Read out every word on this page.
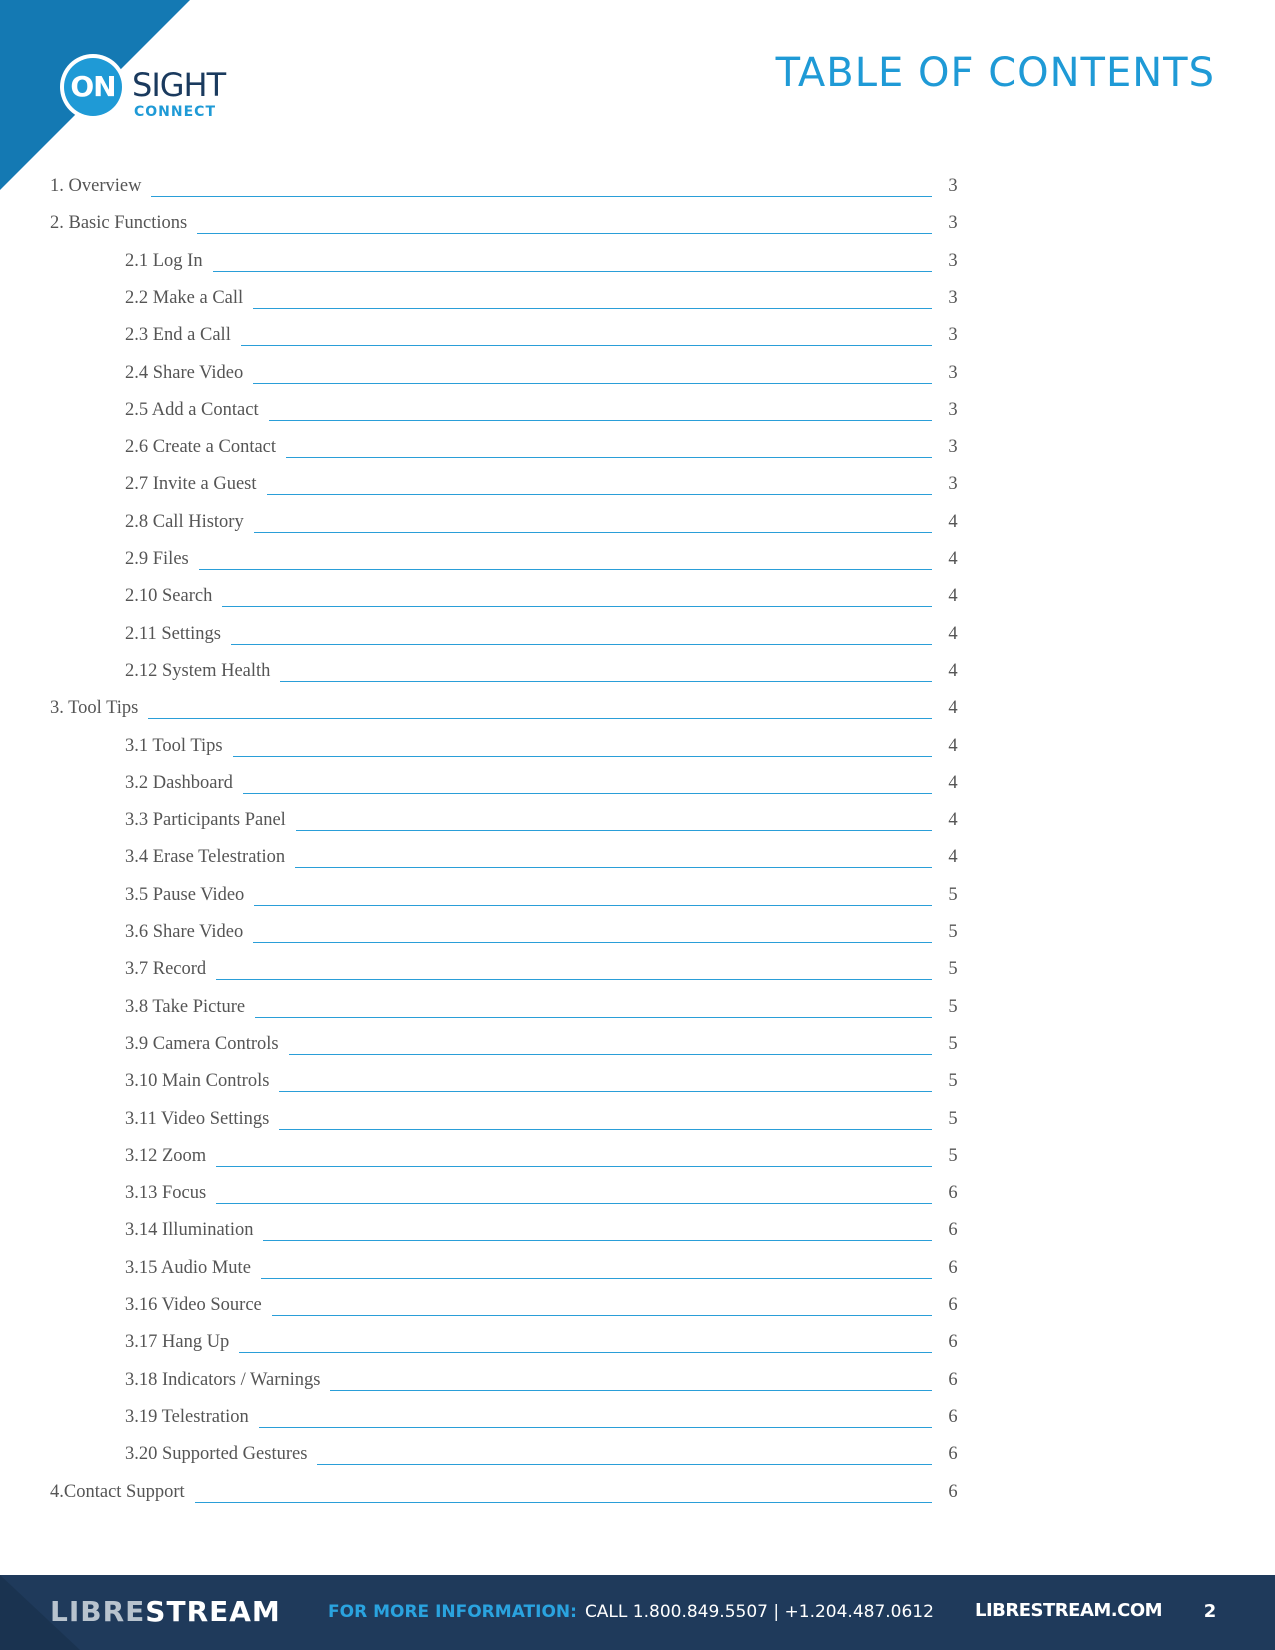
ON SIGHT
CONNECT
TABLE OF CONTENTS
1. Overview	3
2. Basic Functions	3
2.1 Log In	3
2.2 Make a Call	3
2.3 End a Call	3
2.4 Share Video	3
2.5 Add a Contact	3
2.6 Create a Contact	3
2.7 Invite a Guest	3
2.8 Call History	4
2.9 Files	4
2.10 Search	4
2.11 Settings	4
2.12 System Health	4
3. Tool Tips	4
3.1 Tool Tips	4
3.2 Dashboard	4
3.3 Participants Panel	4
3.4 Erase Telestration	4
3.5 Pause Video	5
3.6 Share Video	5
3.7 Record	5
3.8 Take Picture	5
3.9 Camera Controls	5
3.10 Main Controls	5
3.11 Video Settings	5
3.12 Zoom	5
3.13 Focus	6
3.14 Illumination	6
3.15 Audio Mute	6
3.16 Video Source	6
3.17 Hang Up	6
3.18 Indicators / Warnings	6
3.19 Telestration	6
3.20 Supported Gestures	6
4.Contact Support	6
LIBRESTREAM	FOR MORE INFORMATION: CALL 1.800.849.5507 | +1.204.487.0612 LIBRESTREAM.COM	2
